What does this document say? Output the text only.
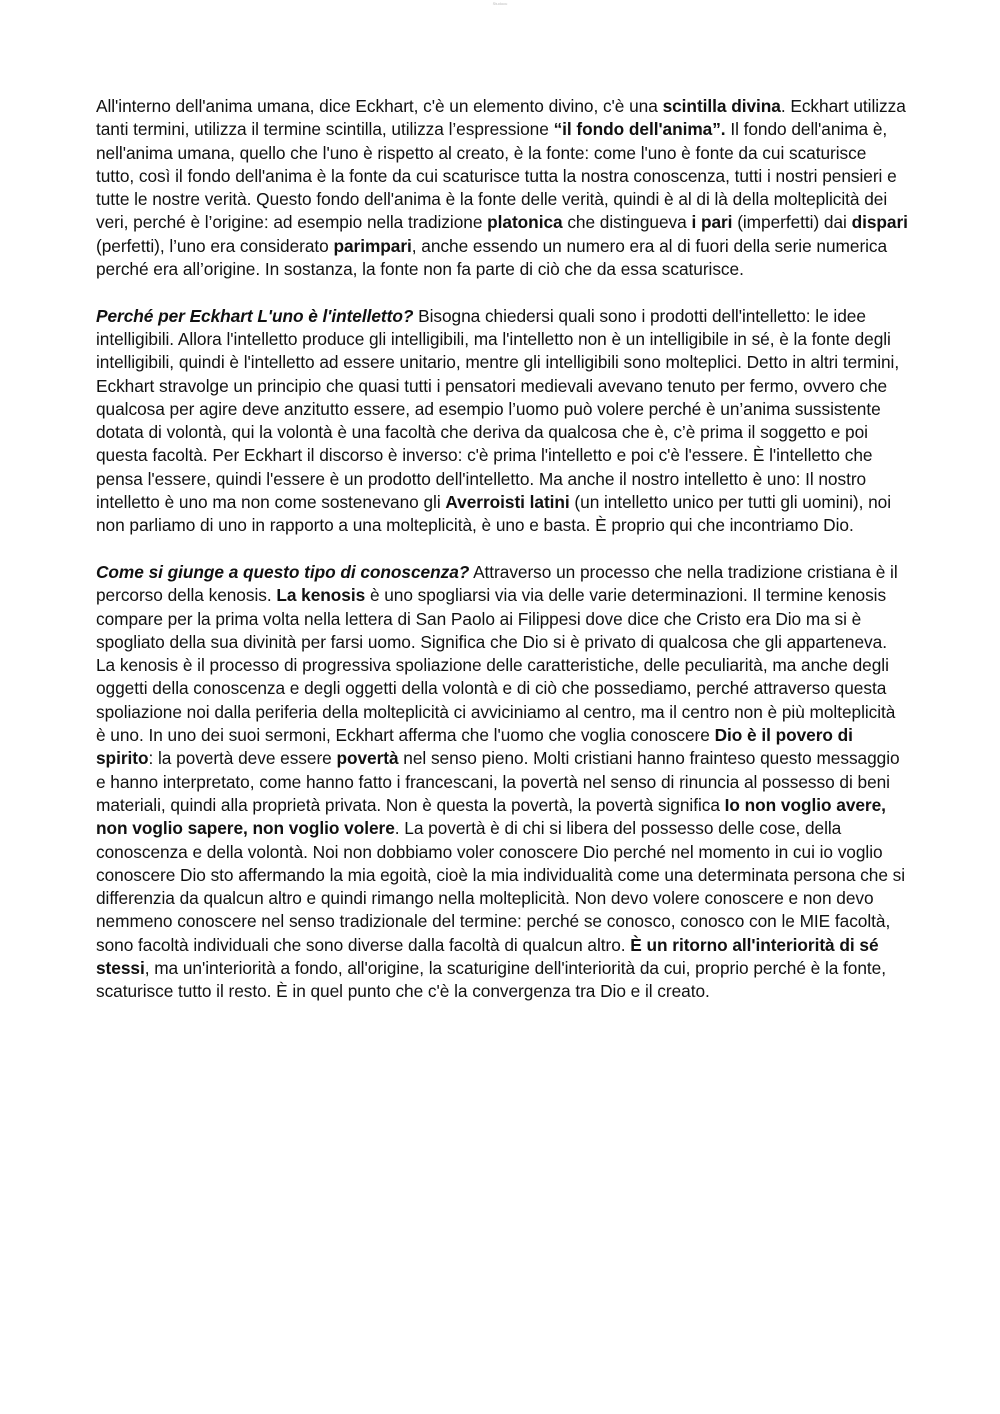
Studocu

All'interno dell'anima umana, dice Eckhart, c'è un elemento divino, c'è una scintilla divina. Eckhart utilizza tanti termini, utilizza il termine scintilla, utilizza l’espressione “il fondo dell'anima”. Il fondo dell'anima è, nell'anima umana, quello che l'uno è rispetto al creato, è la fonte: come l'uno è fonte da cui scaturisce tutto, così il fondo dell'anima è la fonte da cui scaturisce tutta la nostra conoscenza, tutti i nostri pensieri e tutte le nostre verità. Questo fondo dell'anima è la fonte delle verità, quindi è al di là della molteplicità dei veri, perché è l’origine: ad esempio nella tradizione platonica che distingueva i pari (imperfetti) dai dispari (perfetti), l’uno era considerato parimpari, anche essendo un numero era al di fuori della serie numerica perché era all’origine. In sostanza, la fonte non fa parte di ciò che da essa scaturisce.

Perché per Eckhart L'uno è l'intelletto? Bisogna chiedersi quali sono i prodotti dell'intelletto: le idee intelligibili. Allora l'intelletto produce gli intelligibili, ma l'intelletto non è un intelligibile in sé, è la fonte degli intelligibili, quindi è l'intelletto ad essere unitario, mentre gli intelligibili sono molteplici. Detto in altri termini, Eckhart stravolge un principio che quasi tutti i pensatori medievali avevano tenuto per fermo, ovvero che qualcosa per agire deve anzitutto essere, ad esempio l’uomo può volere perché è un’anima sussistente dotata di volontà, qui la volontà è una facoltà che deriva da qualcosa che è, c’è prima il soggetto e poi questa facoltà. Per Eckhart il discorso è inverso: c'è prima l'intelletto e poi c'è l'essere. È l'intelletto che pensa l'essere, quindi l'essere è un prodotto dell'intelletto. Ma anche il nostro intelletto è uno: Il nostro intelletto è uno ma non come sostenevano gli Averroisti latini (un intelletto unico per tutti gli uomini), noi non parliamo di uno in rapporto a una molteplicità, è uno e basta. È proprio qui che incontriamo Dio.

Come si giunge a questo tipo di conoscenza? Attraverso un processo che nella tradizione cristiana è il percorso della kenosis. La kenosis è uno spogliarsi via via delle varie determinazioni. Il termine kenosis compare per la prima volta nella lettera di San Paolo ai Filippesi dove dice che Cristo era Dio ma si è spogliato della sua divinità per farsi uomo. Significa che Dio si è privato di qualcosa che gli apparteneva. La kenosis è il processo di progressiva spoliazione delle caratteristiche, delle peculiarità, ma anche degli oggetti della conoscenza e degli oggetti della volontà e di ciò che possediamo, perché attraverso questa spoliazione noi dalla periferia della molteplicità ci avviciniamo al centro, ma il centro non è più molteplicità è uno. In uno dei suoi sermoni, Eckhart afferma che l'uomo che voglia conoscere Dio è il povero di spirito: la povertà deve essere povertà nel senso pieno. Molti cristiani hanno frainteso questo messaggio e hanno interpretato, come hanno fatto i francescani, la povertà nel senso di rinuncia al possesso di beni materiali, quindi alla proprietà privata. Non è questa la povertà, la povertà significa Io non voglio avere, non voglio sapere, non voglio volere. La povertà è di chi si libera del possesso delle cose, della conoscenza e della volontà. Noi non dobbiamo voler conoscere Dio perché nel momento in cui io voglio conoscere Dio sto affermando la mia egoità, cioè la mia individualità come una determinata persona che si differenzia da qualcun altro e quindi rimango nella molteplicità. Non devo volere conoscere e non devo nemmeno conoscere nel senso tradizionale del termine: perché se conosco, conosco con le MIE facoltà, sono facoltà individuali che sono diverse dalla facoltà di qualcun altro. È un ritorno all'interiorità di sé stessi, ma un'interiorità a fondo, all'origine, la scaturigine dell'interiorità da cui, proprio perché è la fonte, scaturisce tutto il resto. È in quel punto che c'è la convergenza tra Dio e il creato.
